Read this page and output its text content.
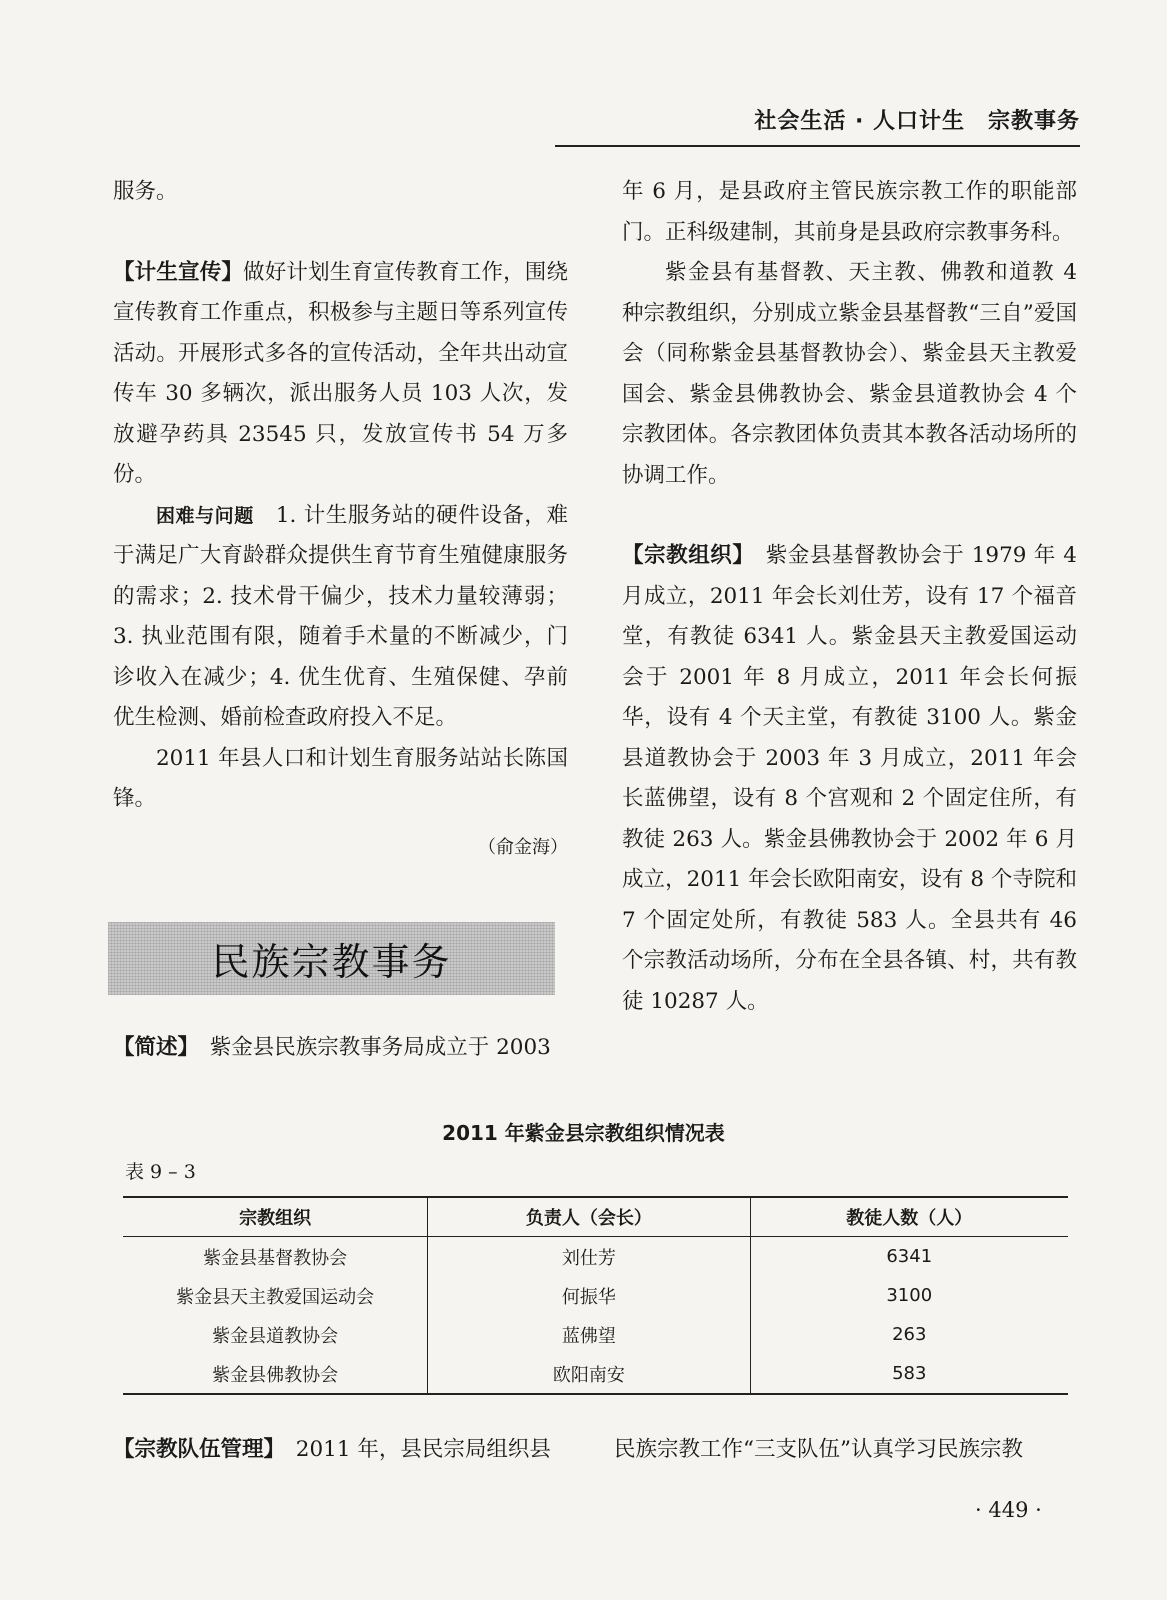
社会生活 · 人口计生　宗教事务

服务。

【计生宣传】做好计划生育宣传教育工作，围绕宣传教育工作重点，积极参与主题日等系列宣传活动。开展形式多各的宣传活动，全年共出动宣传车 30 多辆次，派出服务人员 103 人次，发放避孕药具 23545 只，发放宣传书 54 万多份。

困难与问题　 1. 计生服务站的硬件设备，难于满足广大育龄群众提供生育节育生殖健康服务的需求；2. 技术骨干偏少，技术力量较薄弱；3. 执业范围有限，随着手术量的不断减少，门诊收入在减少；4. 优生优育、生殖保健、孕前优生检测、婚前检查政府投入不足。

2011 年县人口和计划生育服务站站长陈国锋。

（俞金海）

民族宗教事务
【简述】　 紫金县民族宗教事务局成立于 2003

年 6 月，是县政府主管民族宗教工作的职能部门。正科级建制，其前身是县政府宗教事务科。

紫金县有基督教、天主教、佛教和道教 4 种宗教组织，分别成立紫金县基督教“三自”爱国会（同称紫金县基督教协会）、紫金县天主教爱国会、紫金县佛教协会、紫金县道教协会 4 个宗教团体。各宗教团体负责其本教各活动场所的协调工作。

【宗教组织】　 紫金县基督教协会于 1979 年 4 月成立，2011 年会长刘仕芳，设有 17 个福音堂，有教徒 6341 人。紫金县天主教爱国运动会于 2001 年 8 月成立，2011 年会长何振华，设有 4 个天主堂，有教徒 3100 人。紫金县道教协会于 2003 年 3 月成立，2011 年会长蓝佛望，设有 8 个宫观和 2 个固定住所，有教徒 263 人。紫金县佛教协会于 2002 年 6 月成立，2011 年会长欧阳南安，设有 8 个寺院和 7 个固定处所，有教徒 583 人。全县共有 46 个宗教活动场所，分布在全县各镇、村，共有教徒 10287 人。

2011 年紫金县宗教组织情况表
表 9 – 3
宗教组织	负责人（会长）	教徒人数（人）
紫金县基督教协会	刘仕芳	6341
紫金县天主教爱国运动会	何振华	3100
紫金县道教协会	蓝佛望	263
紫金县佛教协会	欧阳南安	583
【宗教队伍管理】　 2011 年，县民宗局组织县	民族宗教工作“三支队伍”认真学习民族宗教
· 449 ·
